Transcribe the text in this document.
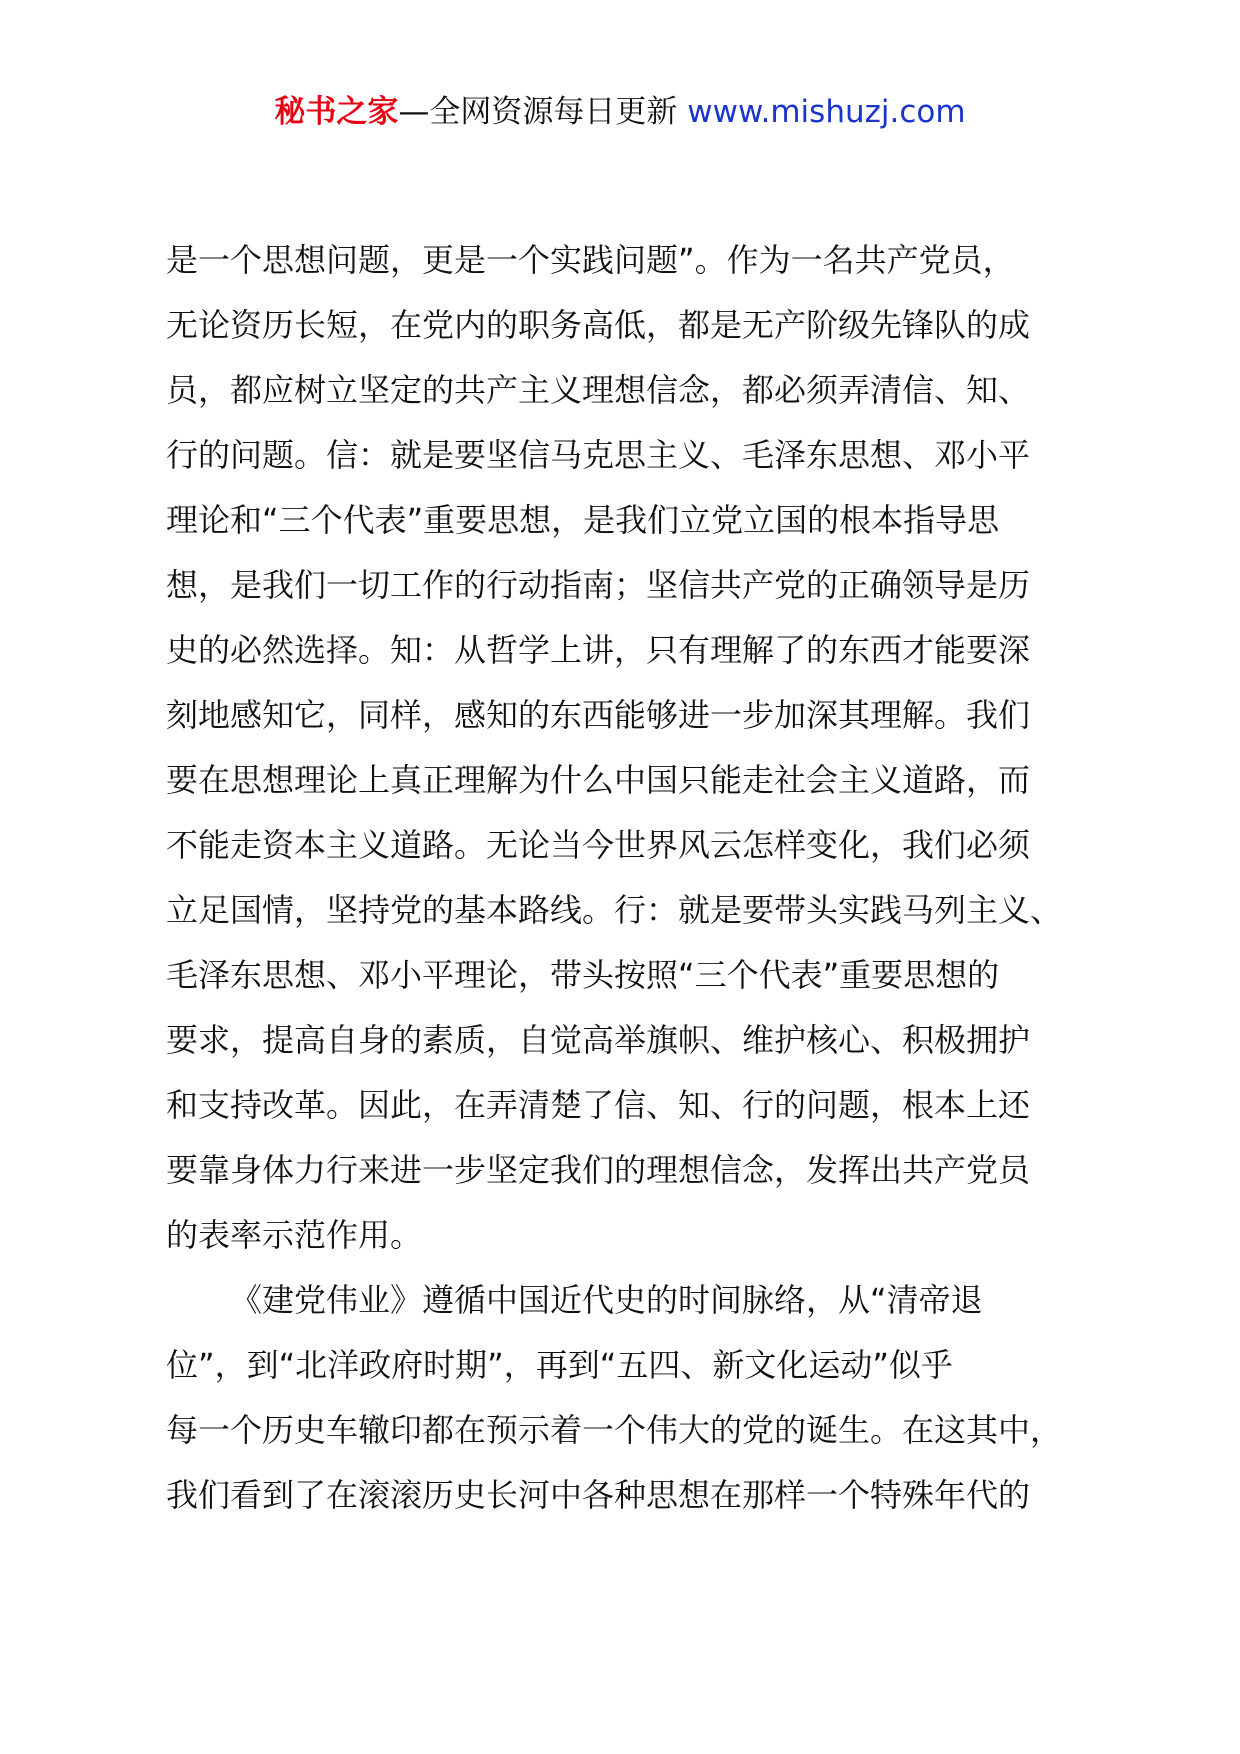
秘书之家—全网资源每日更新 www.mishuzj.com
是一个思想问题，更是一个实践问题”。作为一名共产党员，
无论资历长短，在党内的职务高低，都是无产阶级先锋队的成
员，都应树立坚定的共产主义理想信念，都必须弄清信、知、
行的问题。信：就是要坚信马克思主义、毛泽东思想、邓小平
理论和“三个代表”重要思想，是我们立党立国的根本指导思
想，是我们一切工作的行动指南；坚信共产党的正确领导是历
史的必然选择。知：从哲学上讲，只有理解了的东西才能要深
刻地感知它，同样，感知的东西能够进一步加深其理解。我们
要在思想理论上真正理解为什么中国只能走社会主义道路，而
不能走资本主义道路。无论当今世界风云怎样变化，我们必须
立足国情，坚持党的基本路线。行：就是要带头实践马列主义、
毛泽东思想、邓小平理论，带头按照“三个代表”重要思想的
要求，提高自身的素质，自觉高举旗帜、维护核心、积极拥护
和支持改革。因此，在弄清楚了信、知、行的问题，根本上还
要靠身体力行来进一步坚定我们的理想信念，发挥出共产党员
的表率示范作用。
《建党伟业》遵循中国近代史的时间脉络，从“清帝退
位”，到“北洋政府时期”，再到“五四、新文化运动”似乎
每一个历史车辙印都在预示着一个伟大的党的诞生。在这其中，
我们看到了在滚滚历史长河中各种思想在那样一个特殊年代的
